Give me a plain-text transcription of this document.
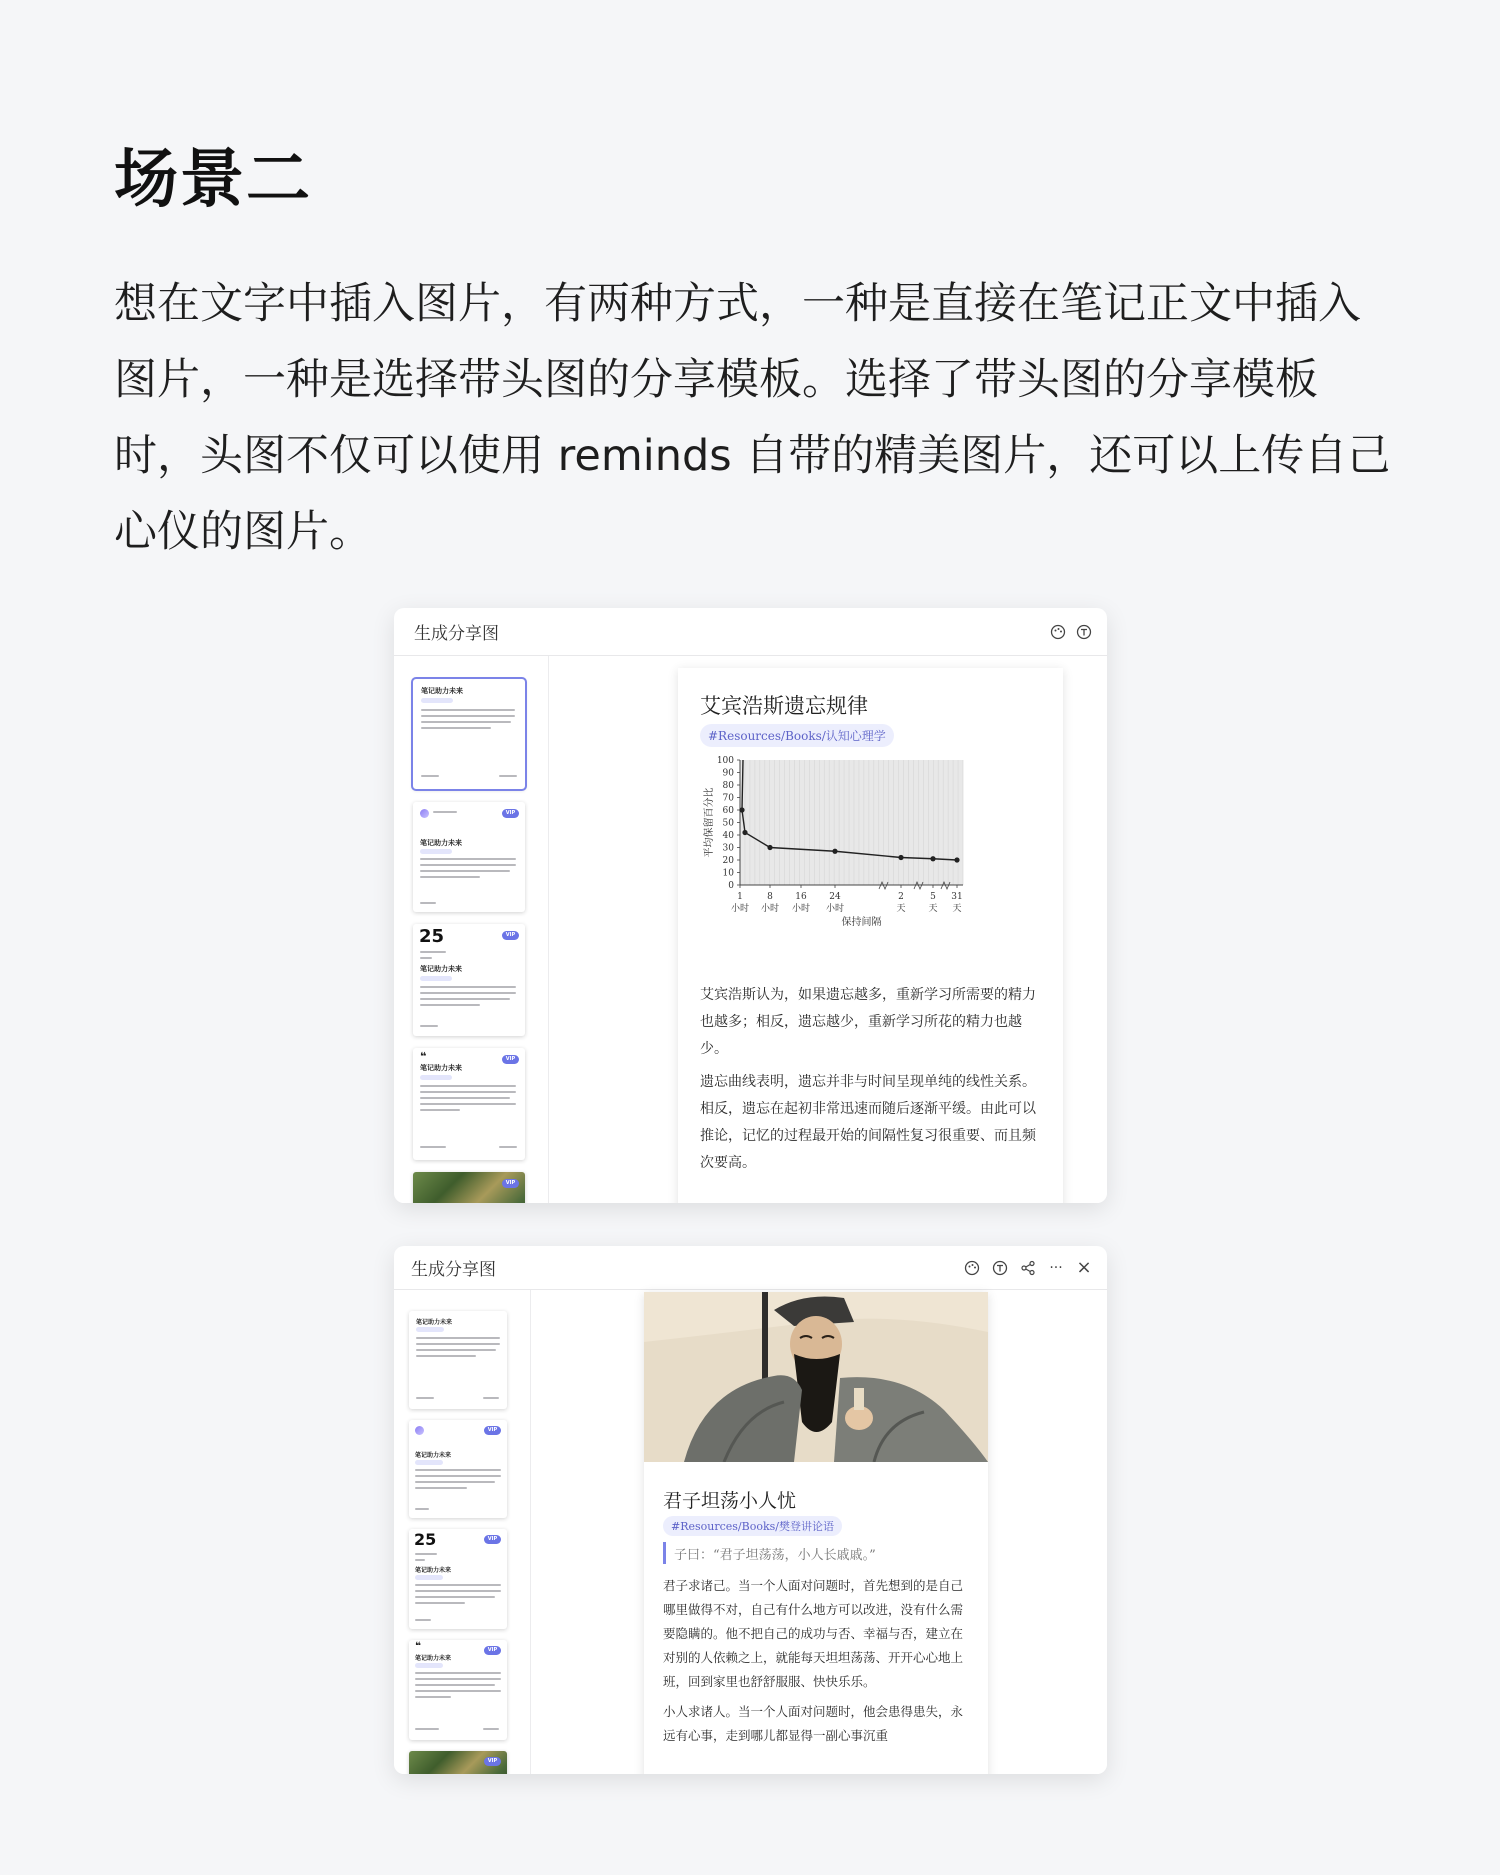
场景二
想在文字中插入图片，有两种方式，一种是直接在笔记正文中插入图片，一种是选择带头图的分享模板。选择了带头图的分享模板时，头图不仅可以使用 reminds 自带的精美图片，还可以上传自己心仪的图片。
生成分享图
笔记助力未来
VIP
笔记助力未来
25	VIP
笔记助力未来
❝	VIP
笔记助力未来
VIP
艾宾浩斯遗忘规律
#Resources/Books/认知心理学
100
90
80
70
60
50
40
30
20
10
0
1
小时
8
小时
16
小时
24
小时
2
天
5
天
31
天
平均保留百分比
保持间隔

艾宾浩斯认为，如果遗忘越多，重新学习所需要的精力也越多；相反，遗忘越少，重新学习所花的精力也越少。

遗忘曲线表明，遗忘并非与时间呈现单纯的线性关系。相反，遗忘在起初非常迅速而随后逐渐平缓。由此可以推论，记忆的过程最开始的间隔性复习很重要、而且频次要高。

生成分享图	··· ×
笔记助力未来
VIP
笔记助力未来
25	VIP
笔记助力未来
❝	VIP
笔记助力未来
VIP
君子坦荡小人忧
#Resources/Books/樊登讲论语
子曰：“君子坦荡荡，小人长戚戚。”

君子求诸己。当一个人面对问题时，首先想到的是自己哪里做得不对，自己有什么地方可以改进，没有什么需要隐瞒的。他不把自己的成功与否、幸福与否，建立在对别的人依赖之上，就能每天坦坦荡荡、开开心心地上班，回到家里也舒舒服服、快快乐乐。

小人求诸人。当一个人面对问题时，他会患得患失，永远有心事，走到哪儿都显得一副心事沉重
